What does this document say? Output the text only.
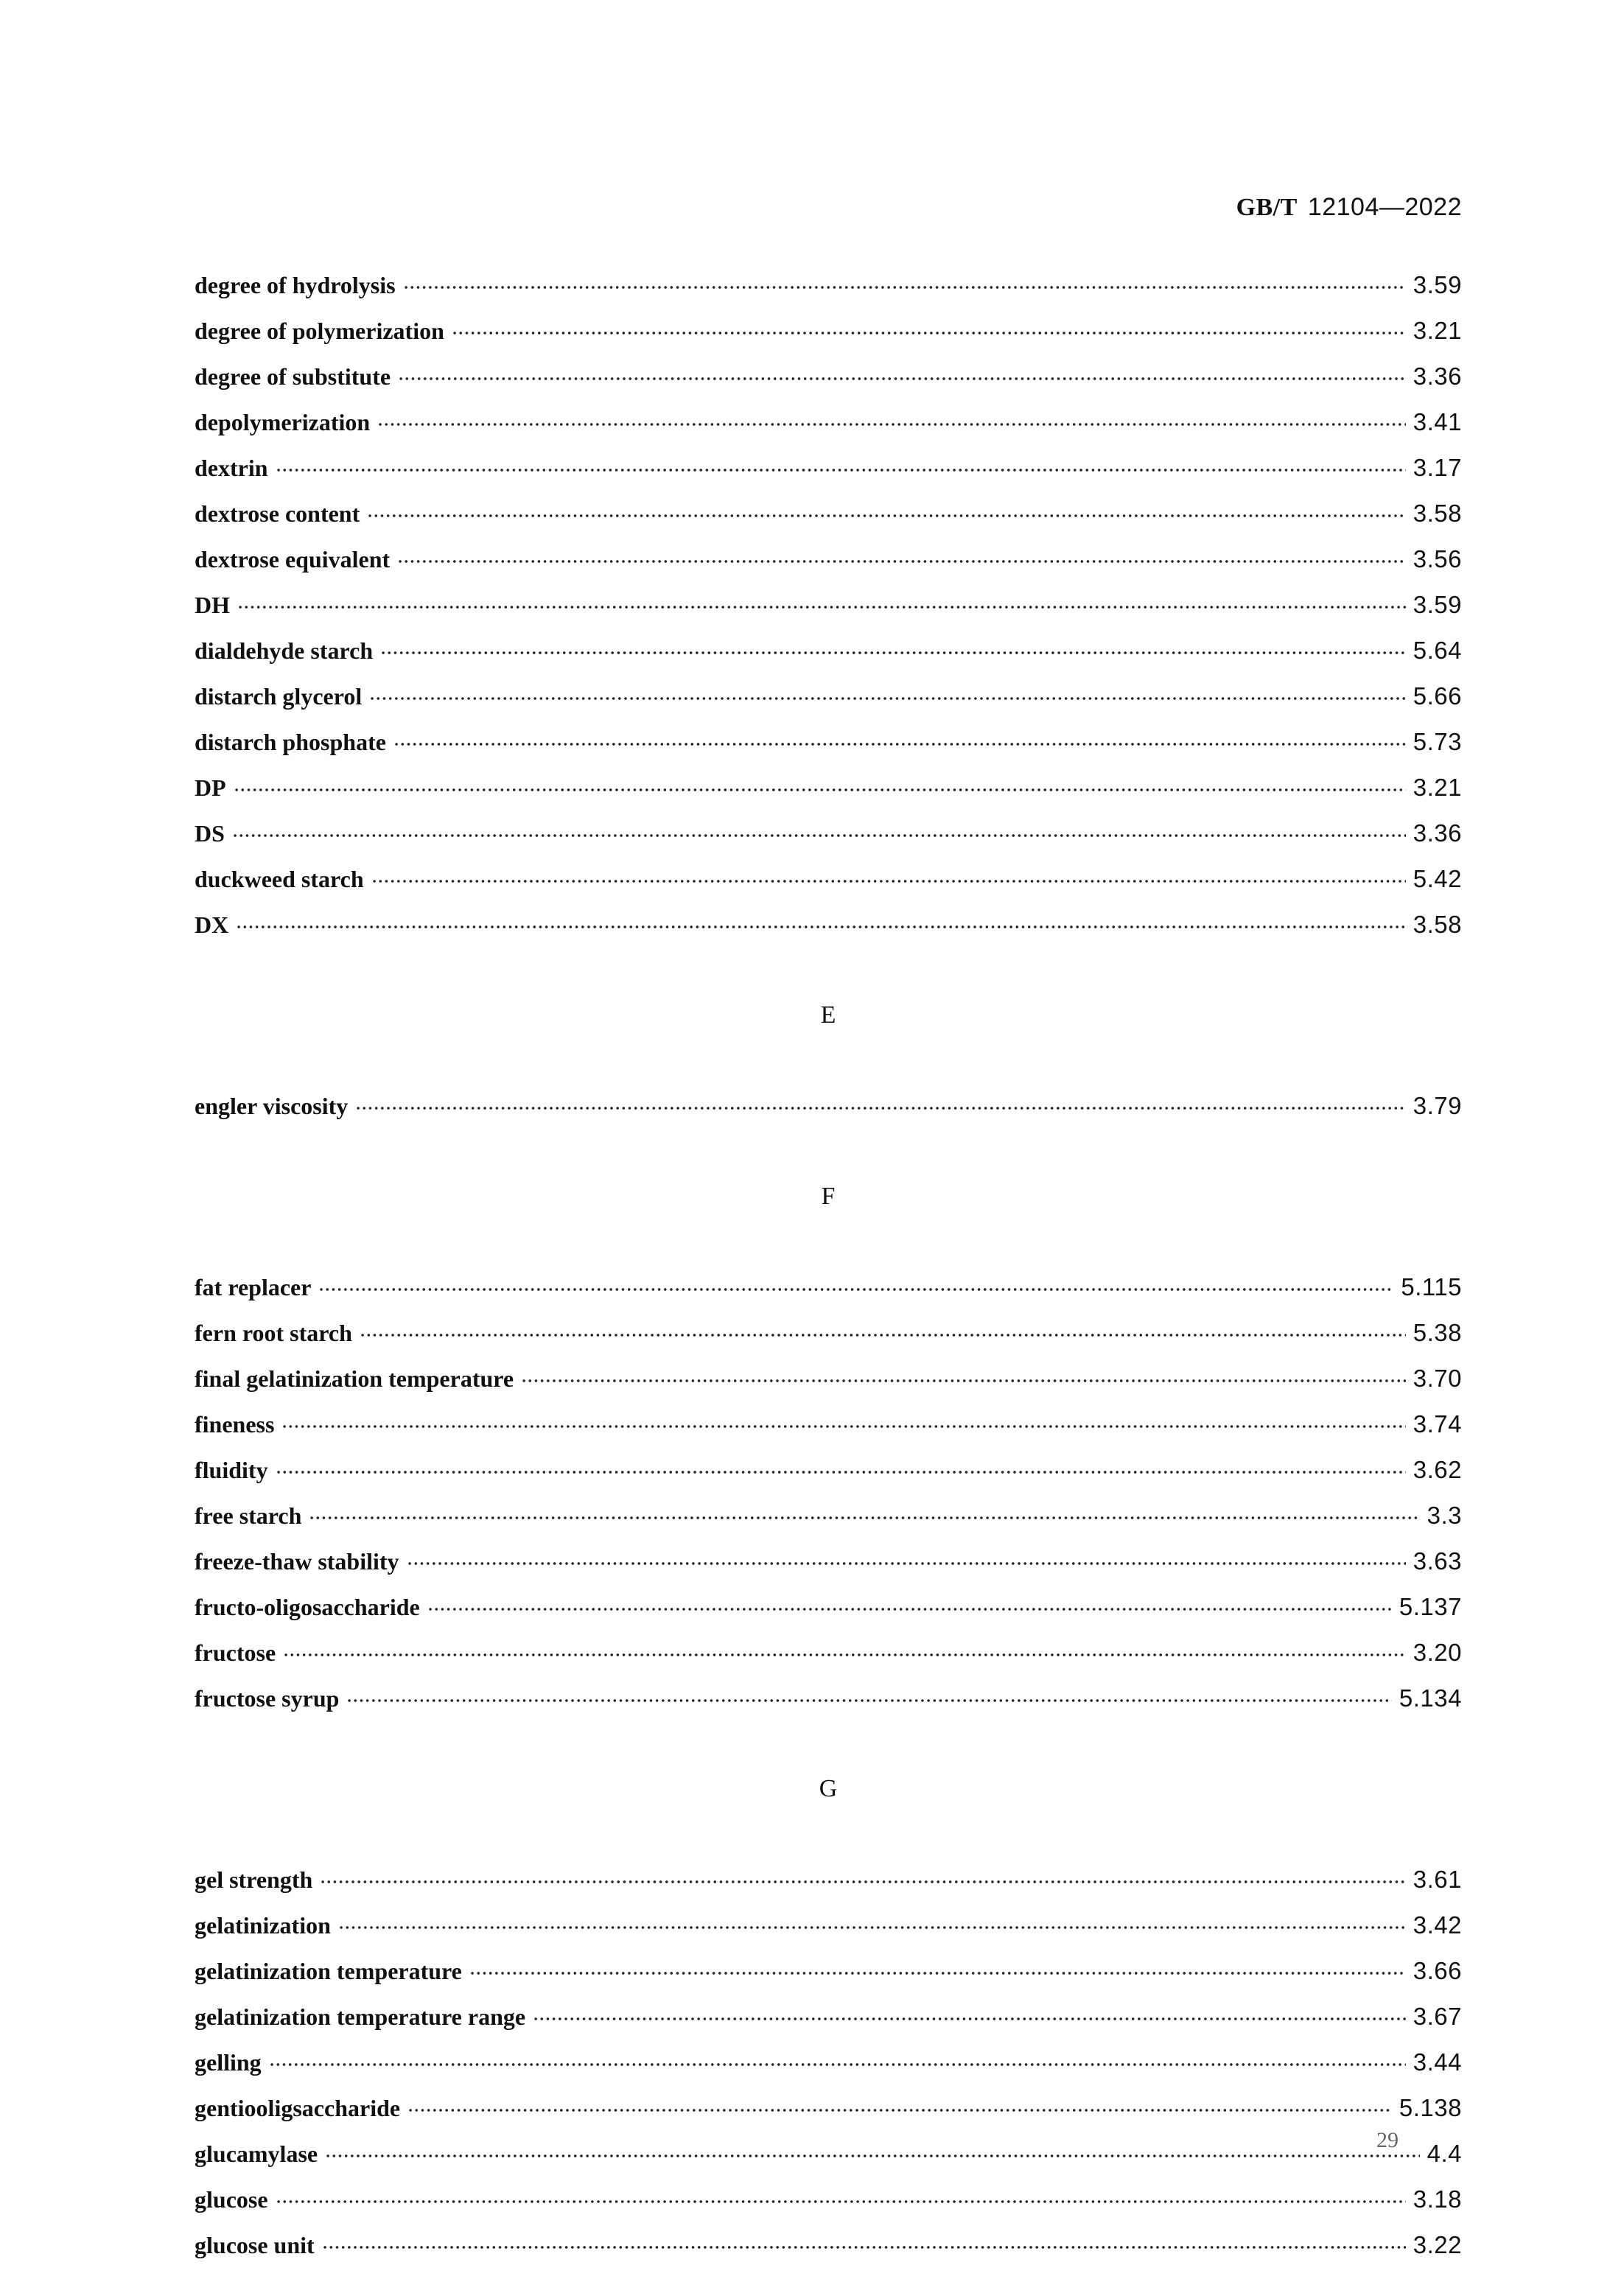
GB/T 12104—2022
degree of hydrolysis	3.59
degree of polymerization	3.21
degree of substitute	3.36
depolymerization	3.41
dextrin	3.17
dextrose content	3.58
dextrose equivalent	3.56
DH	3.59
dialdehyde starch	5.64
distarch glycerol	5.66
distarch phosphate	5.73
DP	3.21
DS	3.36
duckweed starch	5.42
DX	3.58
E
engler viscosity	3.79
F
fat replacer	5.115
fern root starch	5.38
final gelatinization temperature	3.70
fineness	3.74
fluidity	3.62
free starch	3.3
freeze-thaw stability	3.63
fructo-oligosaccharide	5.137
fructose	3.20
fructose syrup	5.134
G
gel strength	3.61
gelatinization	3.42
gelatinization temperature	3.66
gelatinization temperature range	3.67
gelling	3.44
gentiooligsaccharide	5.138
glucamylase	4.4
glucose	3.18
glucose unit	3.22
29
